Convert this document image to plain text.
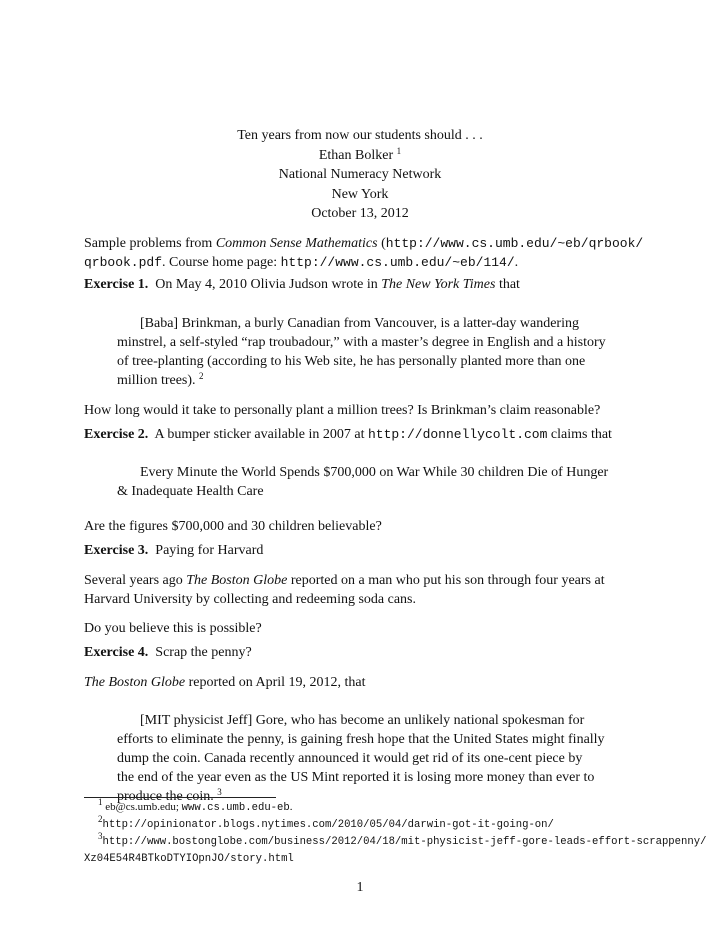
Ten years from now our students should . . .
Ethan Bolker $^1$
National Numeracy Network
New York
October 13, 2012
Sample problems from Common Sense Mathematics (http://www.cs.umb.edu/~eb/qrbook/
qrbook.pdf. Course home page: http://www.cs.umb.edu/~eb/114/.
Exercise 1. On May 4, 2010 Olivia Judson wrote in The New York Times that
[Baba] Brinkman, a burly Canadian from Vancouver, is a latter-day wandering
minstrel, a self-styled “rap troubadour,” with a master’s degree in English and a history
of tree-planting (according to his Web site, he has personally planted more than one
million trees). $^2$
How long would it take to personally plant a million trees? Is Brinkman’s claim reasonable?
Exercise 2. A bumper sticker available in 2007 at http://donnellycolt.com claims that
Every Minute the World Spends $700,000 on War While 30 children Die of Hunger
& Inadequate Health Care
Are the figures $700,000 and 30 children believable?
Exercise 3. Paying for Harvard
Several years ago The Boston Globe reported on a man who put his son through four years at
Harvard University by collecting and redeeming soda cans.
Do you believe this is possible?
Exercise 4. Scrap the penny?
The Boston Globe reported on April 19, 2012, that
[MIT physicist Jeff] Gore, who has become an unlikely national spokesman for
efforts to eliminate the penny, is gaining fresh hope that the United States might finally
dump the coin. Canada recently announced it would get rid of its one-cent piece by
the end of the year even as the US Mint reported it is losing more money than ever to
produce the coin. $^3$
$^1$ eb@cs.umb.edu; www.cs.umb.edu-eb.
$^2$http://opinionator.blogs.nytimes.com/2010/05/04/darwin-got-it-going-on/
$^3$http://www.bostonglobe.com/business/2012/04/18/mit-physicist-jeff-gore-leads-effort-scrappenny/
Xz04E54R4BTkoDTYIOpnJO/story.html
1
